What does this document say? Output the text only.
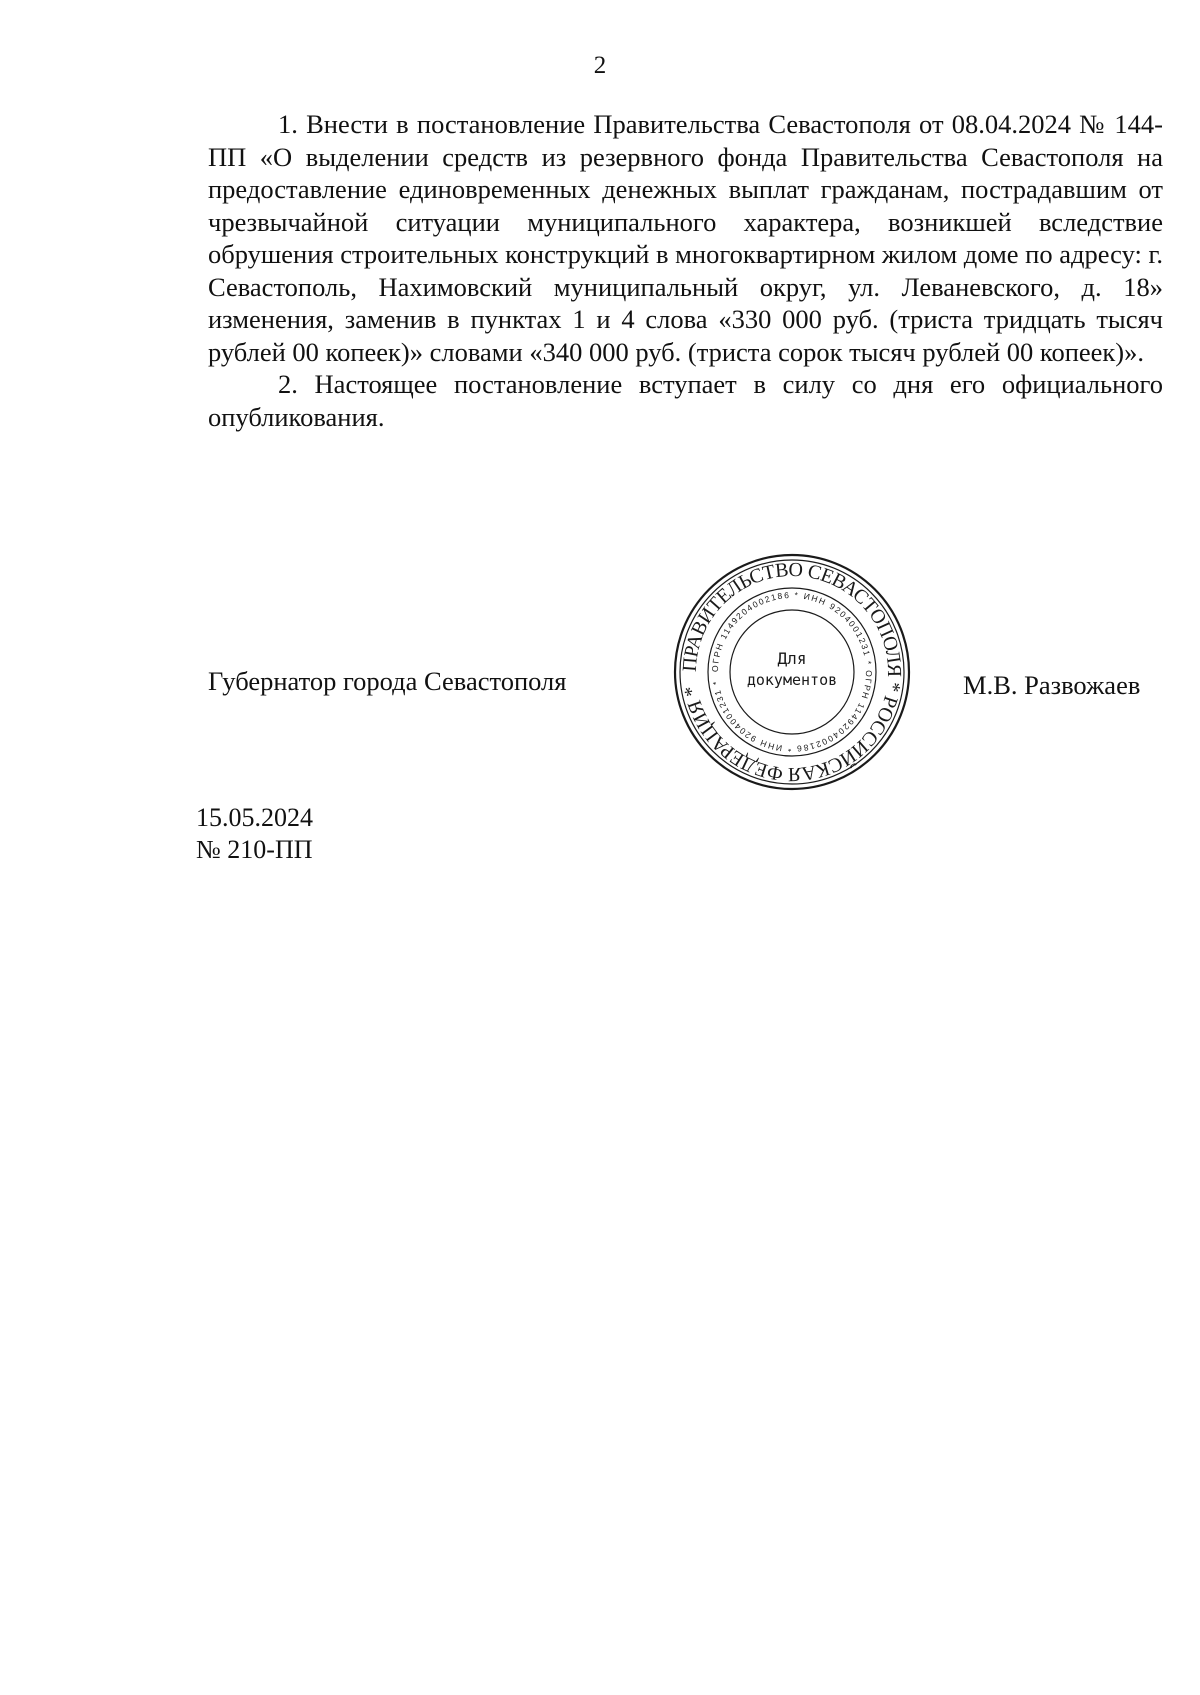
2

1. Внести в постановление Правительства Севастополя от 08.04.2024 № 144-ПП «О выделении средств из резервного фонда Правительства Севастополя на предоставление единовременных денежных выплат гражданам, пострадавшим от чрезвычайной ситуации муниципального характера, возникшей вследствие обрушения строительных конструкций в многоквартирном жилом доме по адресу: г. Севастополь, Нахимовский муниципальный округ, ул. Леваневского, д. 18» изменения, заменив в пунктах 1 и 4 слова «330 000 руб. (триста тридцать тысяч рублей 00 копеек)» словами «340 000 руб. (триста сорок тысяч рублей 00 копеек)».

2. Настоящее постановление вступает в силу со дня его официального опубликования.

Губернатор города Севастополя
ПРАВИТЕЛЬСТВО СЕВАСТОПОЛЯ * РОССИЙСКАЯ ФЕДЕРАЦИЯ *
ОГРН 1149204002186 * ИНН 9204001231 * ОГРН 1149204002186 * ИНН 9204001231 *
Для
документов	М.В. Развожаев
15.05.2024
№ 210-ПП
